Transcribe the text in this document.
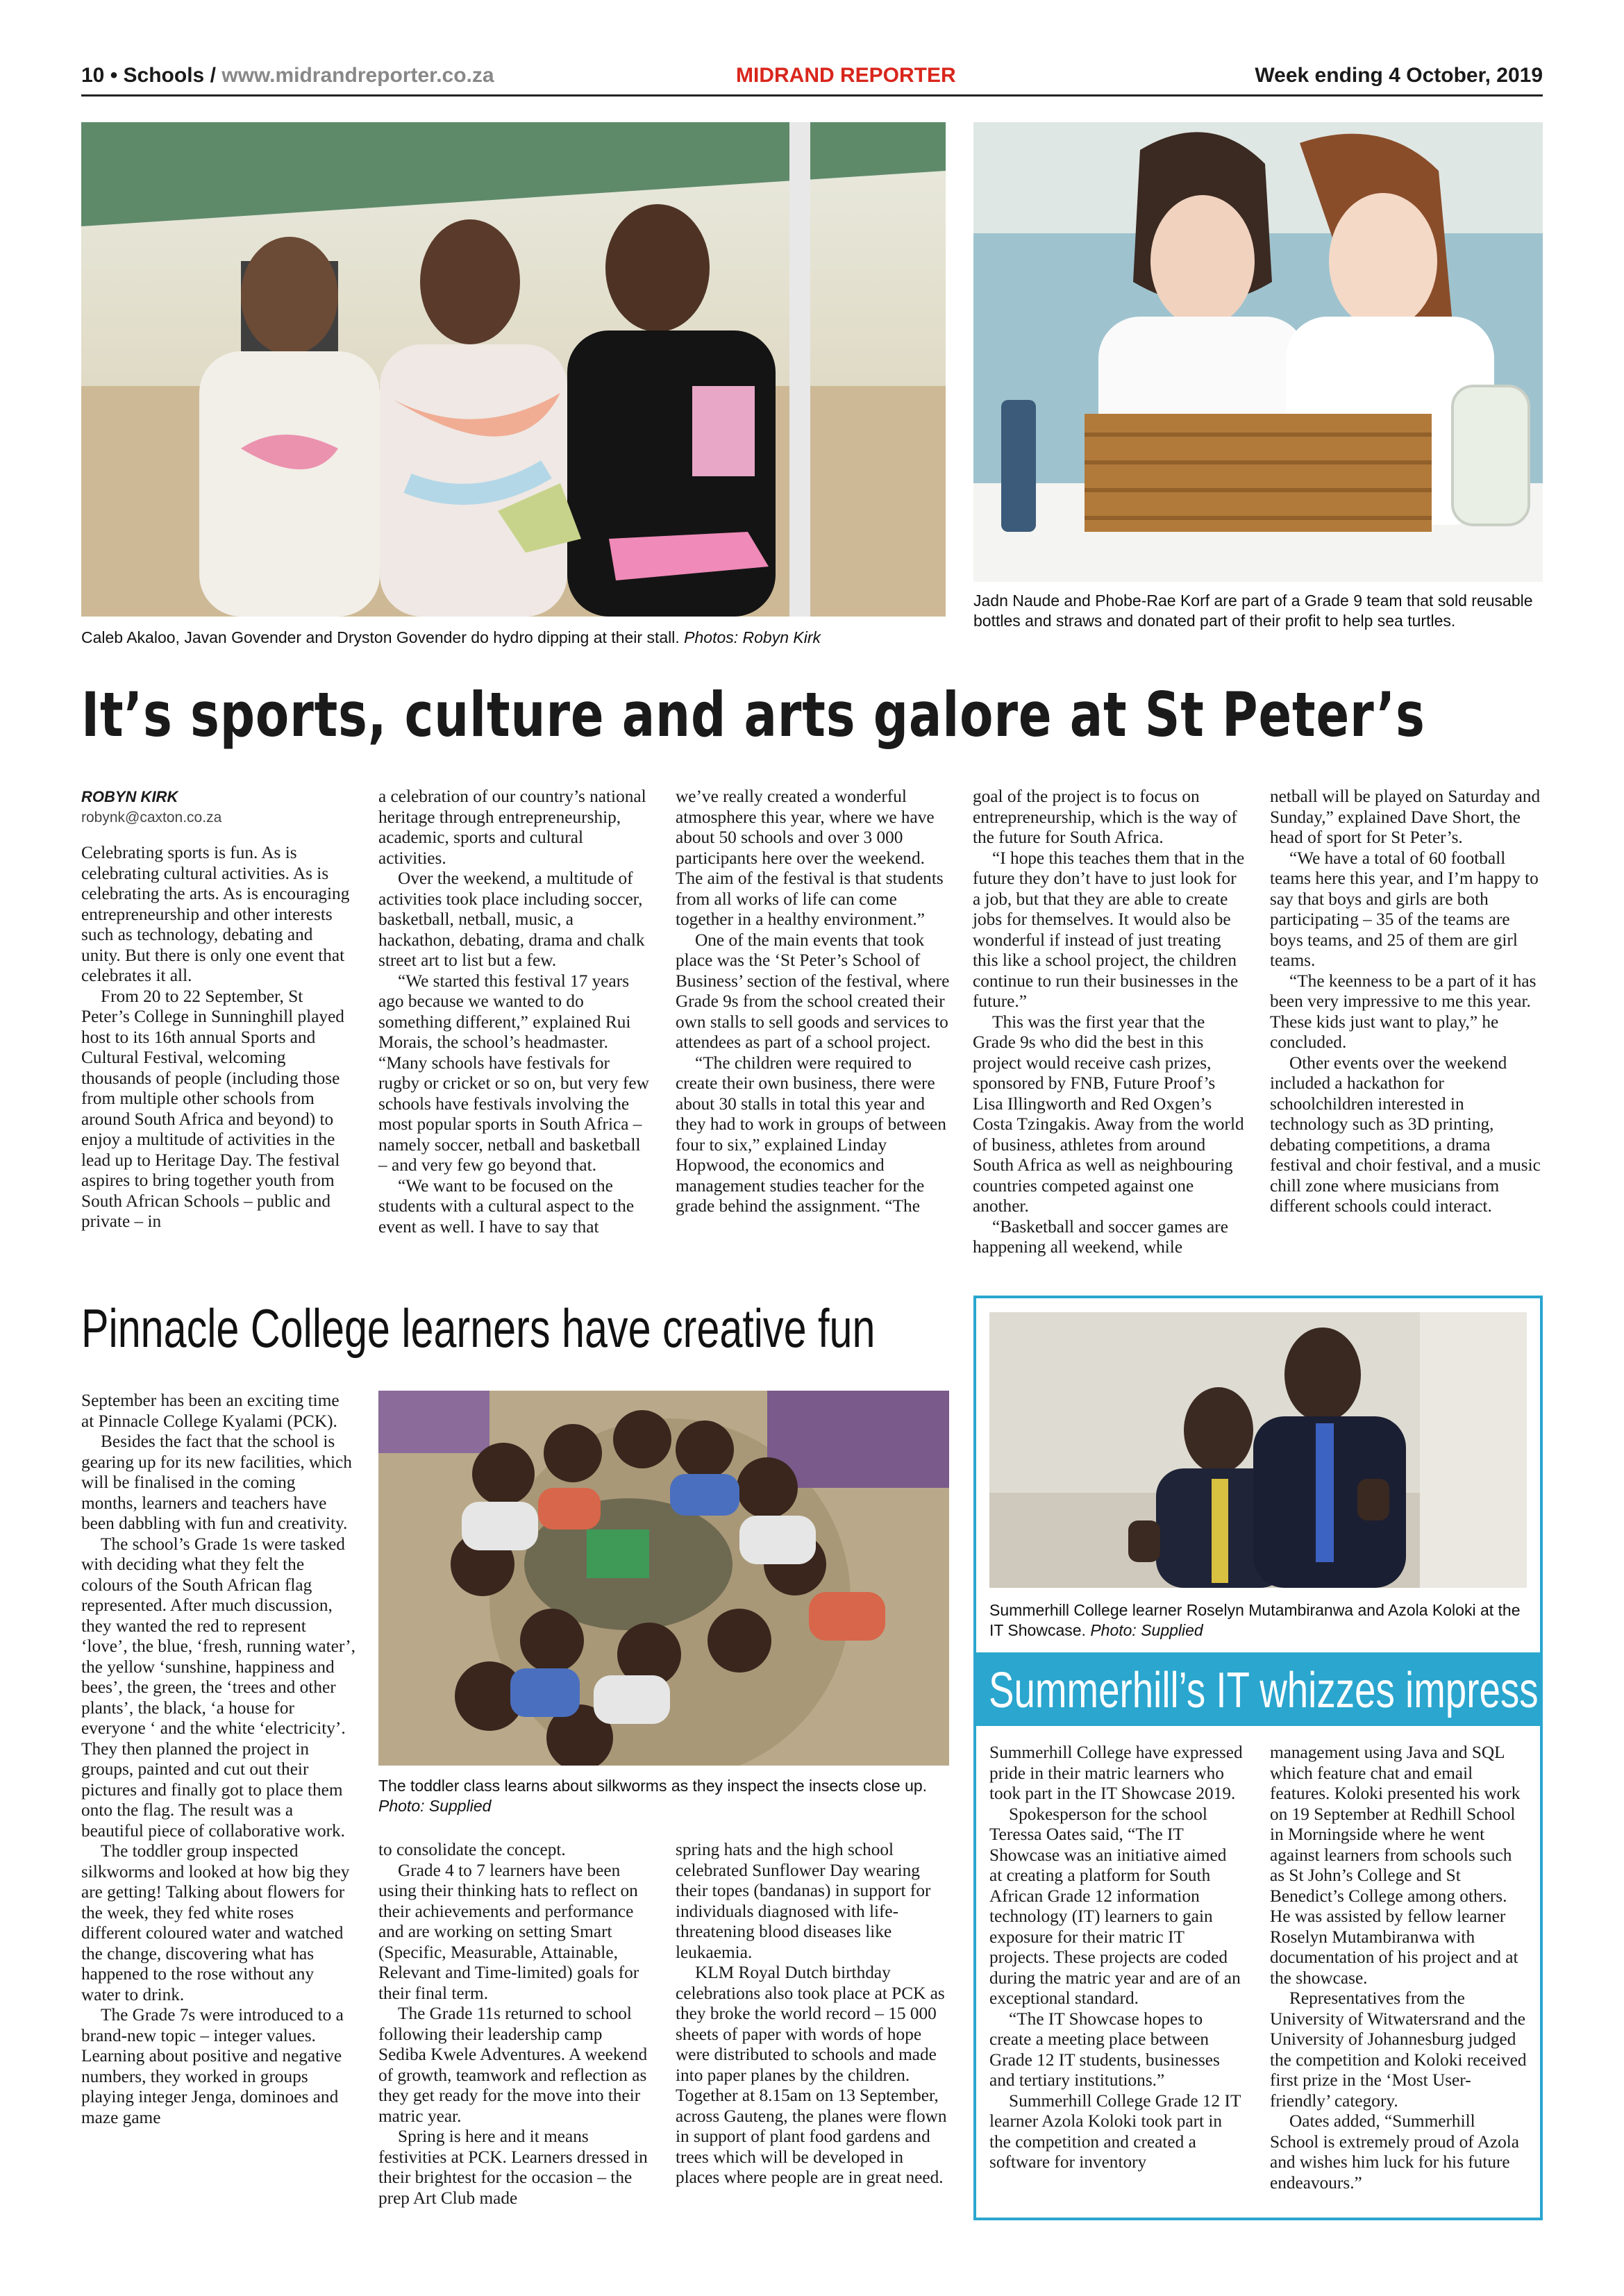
10 • Schools / www.midrandreporter.co.za	MIDRAND REPORTER	Week ending 4 October, 2019
Caleb Akaloo, Javan Govender and Dryston Govender do hydro dipping at their stall. Photos: Robyn Kirk
Jadn Naude and Phobe-Rae Korf are part of a Grade 9 team that sold reusable bottles and straws and donated part of their profit to help sea turtles.
It’s sports, culture and arts galore at St Peter’s
ROBYN KIRK
robynk@caxton.co.za

Celebrating sports is fun. As is celebrating cultural activities. As is celebrating the arts. As is encouraging entrepreneurship and other interests such as technology, debating and unity. But there is only one event that celebrates it all.

From 20 to 22 September, St Peter’s College in Sunninghill played host to its 16th annual Sports and Cultural Festival, welcoming thousands of people (including those from multiple other schools from around South Africa and beyond) to enjoy a multitude of activities in the lead up to Heritage Day. The festival aspires to bring together youth from South African Schools – public and private – in

a celebration of our country’s national heritage through entrepreneurship, academic, sports and cultural activities.

Over the weekend, a multitude of activities took place including soccer, basketball, netball, music, a hackathon, debating, drama and chalk street art to list but a few.

“We started this festival 17 years ago because we wanted to do something different,” explained Rui Morais, the school’s headmaster. “Many schools have festivals for rugby or cricket or so on, but very few schools have festivals involving the most popular sports in South Africa – namely soccer, netball and basketball – and very few go beyond that.

“We want to be focused on the students with a cultural aspect to the event as well. I have to say that

we’ve really created a wonderful atmosphere this year, where we have about 50 schools and over 3 000 participants here over the weekend. The aim of the festival is that students from all works of life can come together in a healthy environment.”

One of the main events that took place was the ‘St Peter’s School of Business’ section of the festival, where Grade 9s from the school created their own stalls to sell goods and services to attendees as part of a school project.

“The children were required to create their own business, there were about 30 stalls in total this year and they had to work in groups of between four to six,” explained Linday Hopwood, the economics and management studies teacher for the grade behind the assignment. “The

goal of the project is to focus on entrepreneurship, which is the way of the future for South Africa.

“I hope this teaches them that in the future they don’t have to just look for a job, but that they are able to create jobs for themselves. It would also be wonderful if instead of just treating this like a school project, the children continue to run their businesses in the future.”

This was the first year that the Grade 9s who did the best in this project would receive cash prizes, sponsored by FNB, Future Proof’s Lisa Illingworth and Red Oxgen’s Costa Tzingakis. Away from the world of business, athletes from around South Africa as well as neighbouring countries competed against one another.

“Basketball and soccer games are happening all weekend, while

netball will be played on Saturday and Sunday,” explained Dave Short, the head of sport for St Peter’s.

“We have a total of 60 football teams here this year, and I’m happy to say that boys and girls are both participating – 35 of the teams are boys teams, and 25 of them are girl teams.

“The keenness to be a part of it has been very impressive to me this year. These kids just want to play,” he concluded.

Other events over the weekend included a hackathon for schoolchildren interested in technology such as 3D printing, debating competitions, a drama festival and choir festival, and a music chill zone where musicians from different schools could interact.

Pinnacle College learners have creative fun
The toddler class learns about silkworms as they inspect the insects close up. Photo: Supplied

September has been an exciting time at Pinnacle College Kyalami (PCK).

Besides the fact that the school is gearing up for its new facilities, which will be finalised in the coming months, learners and teachers have been dabbling with fun and creativity.

The school’s Grade 1s were tasked with deciding what they felt the colours of the South African flag represented. After much discussion, they wanted the red to represent ‘love’, the blue, ‘fresh, running water’, the yellow ‘sunshine, happiness and bees’, the green, the ‘trees and other plants’, the black, ‘a house for everyone ‘ and the white ‘electricity’. They then planned the project in groups, painted and cut out their pictures and finally got to place them onto the flag. The result was a beautiful piece of collaborative work.

The toddler group inspected silkworms and looked at how big they are getting! Talking about flowers for the week, they fed white roses different coloured water and watched the change, discovering what has happened to the rose without any water to drink.

The Grade 7s were introduced to a brand-new topic – integer values. Learning about positive and negative numbers, they worked in groups playing integer Jenga, dominoes and maze game

to consolidate the concept.

Grade 4 to 7 learners have been using their thinking hats to reflect on their achievements and performance and are working on setting Smart (Specific, Measurable, Attainable, Relevant and Time-limited) goals for their final term.

The Grade 11s returned to school following their leadership camp Sediba Kwele Adventures. A weekend of growth, teamwork and reflection as they get ready for the move into their matric year.

Spring is here and it means festivities at PCK. Learners dressed in their brightest for the occasion – the prep Art Club made

spring hats and the high school celebrated Sunflower Day wearing their topes (bandanas) in support for individuals diagnosed with life-threatening blood diseases like leukaemia.

KLM Royal Dutch birthday celebrations also took place at PCK as they broke the world record – 15 000 sheets of paper with words of hope were distributed to schools and made into paper planes by the children. Together at 8.15am on 13 September, across Gauteng, the planes were flown in support of plant food gardens and trees which will be developed in places where people are in great need.

Summerhill College learner Roselyn Mutambiranwa and Azola Koloki at the IT Showcase. Photo: Supplied
Summerhill’s IT whizzes impress

Summerhill College have expressed pride in their matric learners who took part in the IT Showcase 2019.

Spokesperson for the school Teressa Oates said, “The IT Showcase was an initiative aimed at creating a platform for South African Grade 12 information technology (IT) learners to gain exposure for their matric IT projects. These projects are coded during the matric year and are of an exceptional standard.

“The IT Showcase hopes to create a meeting place between Grade 12 IT students, businesses and tertiary institutions.”

Summerhill College Grade 12 IT learner Azola Koloki took part in the competition and created a software for inventory

management using Java and SQL which feature chat and email features. Koloki presented his work on 19 September at Redhill School in Morningside where he went against learners from schools such as St John’s College and St Benedict’s College among others. He was assisted by fellow learner Roselyn Mutambiranwa with documentation of his project and at the showcase.

Representatives from the University of Witwatersrand and the University of Johannesburg judged the competition and Koloki received first prize in the ‘Most User-friendly’ category.

Oates added, “Summerhill School is extremely proud of Azola and wishes him luck for his future endeavours.”
